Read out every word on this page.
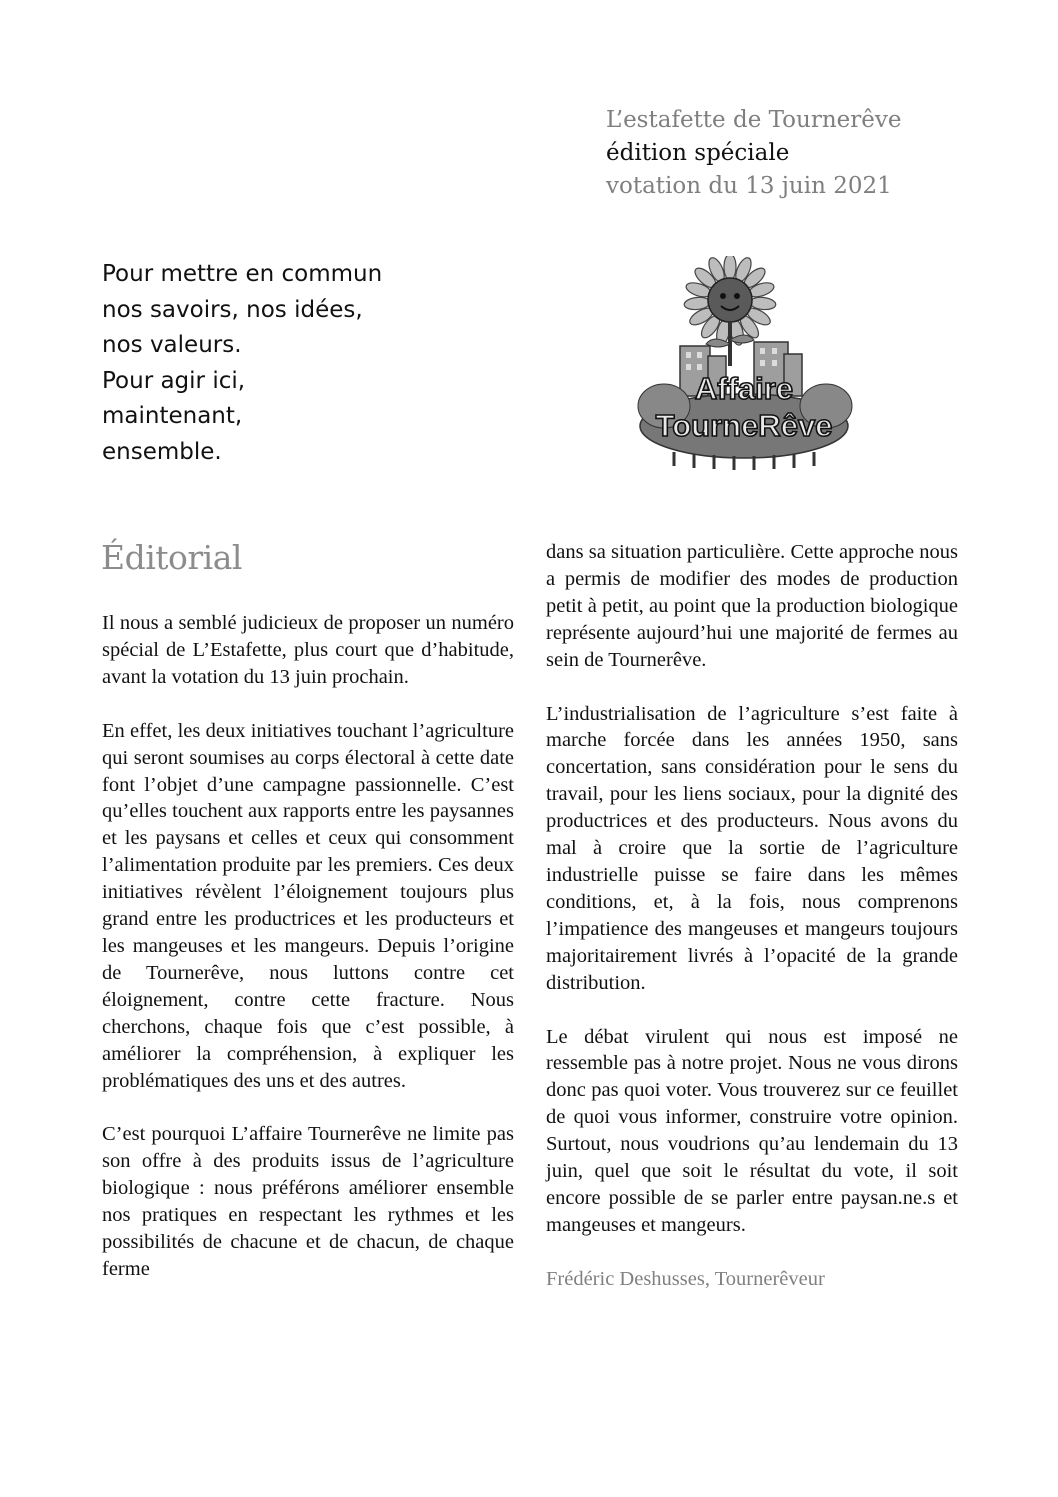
L’estafette de Tournerêve
édition spéciale
votation du 13 juin 2021
Pour mettre en commun
nos savoirs, nos idées,
nos valeurs.
Pour agir ici,
maintenant,
ensemble.
Affaire
TourneRêve
Éditorial

Il nous a semblé judicieux de proposer un numéro spécial de L’Estafette, plus court que d’habitude, avant la votation du 13 juin prochain.

En effet, les deux initiatives touchant l’agriculture qui seront soumises au corps électoral à cette date font l’objet d’une campagne passionnelle. C’est qu’elles touchent aux rapports entre les paysannes et les paysans et celles et ceux qui consomment l’alimentation produite par les premiers. Ces deux initiatives révèlent l’éloignement toujours plus grand entre les productrices et les producteurs et les mangeuses et les mangeurs. Depuis l’origine de Tournerêve, nous luttons contre cet éloignement, contre cette fracture. Nous cherchons, chaque fois que c’est possible, à améliorer la compréhension, à expliquer les problématiques des uns et des autres.

C’est pourquoi L’affaire Tournerêve ne limite pas son offre à des produits issus de l’agriculture biologique : nous préférons améliorer ensemble nos pratiques en respectant les rythmes et les possibilités de chacune et de chacun, de chaque ferme

dans sa situation particulière. Cette approche nous a permis de modifier des modes de production petit à petit, au point que la production biologique représente aujourd’hui une majorité de fermes au sein de Tournerêve.

L’industrialisation de l’agriculture s’est faite à marche forcée dans les années 1950, sans concertation, sans considération pour le sens du travail, pour les liens sociaux, pour la dignité des productrices et des producteurs. Nous avons du mal à croire que la sortie de l’agriculture industrielle puisse se faire dans les mêmes conditions, et, à la fois, nous comprenons l’impatience des mangeuses et mangeurs toujours majoritairement livrés à l’opacité de la grande distribution.

Le débat virulent qui nous est imposé ne ressemble pas à notre projet. Nous ne vous dirons donc pas quoi voter. Vous trouverez sur ce feuillet de quoi vous informer, construire votre opinion. Surtout, nous voudrions qu’au lendemain du 13 juin, quel que soit le résultat du vote, il soit encore possible de se parler entre paysan.ne.s et mangeuses et mangeurs.

Frédéric Deshusses, Tournerêveur
